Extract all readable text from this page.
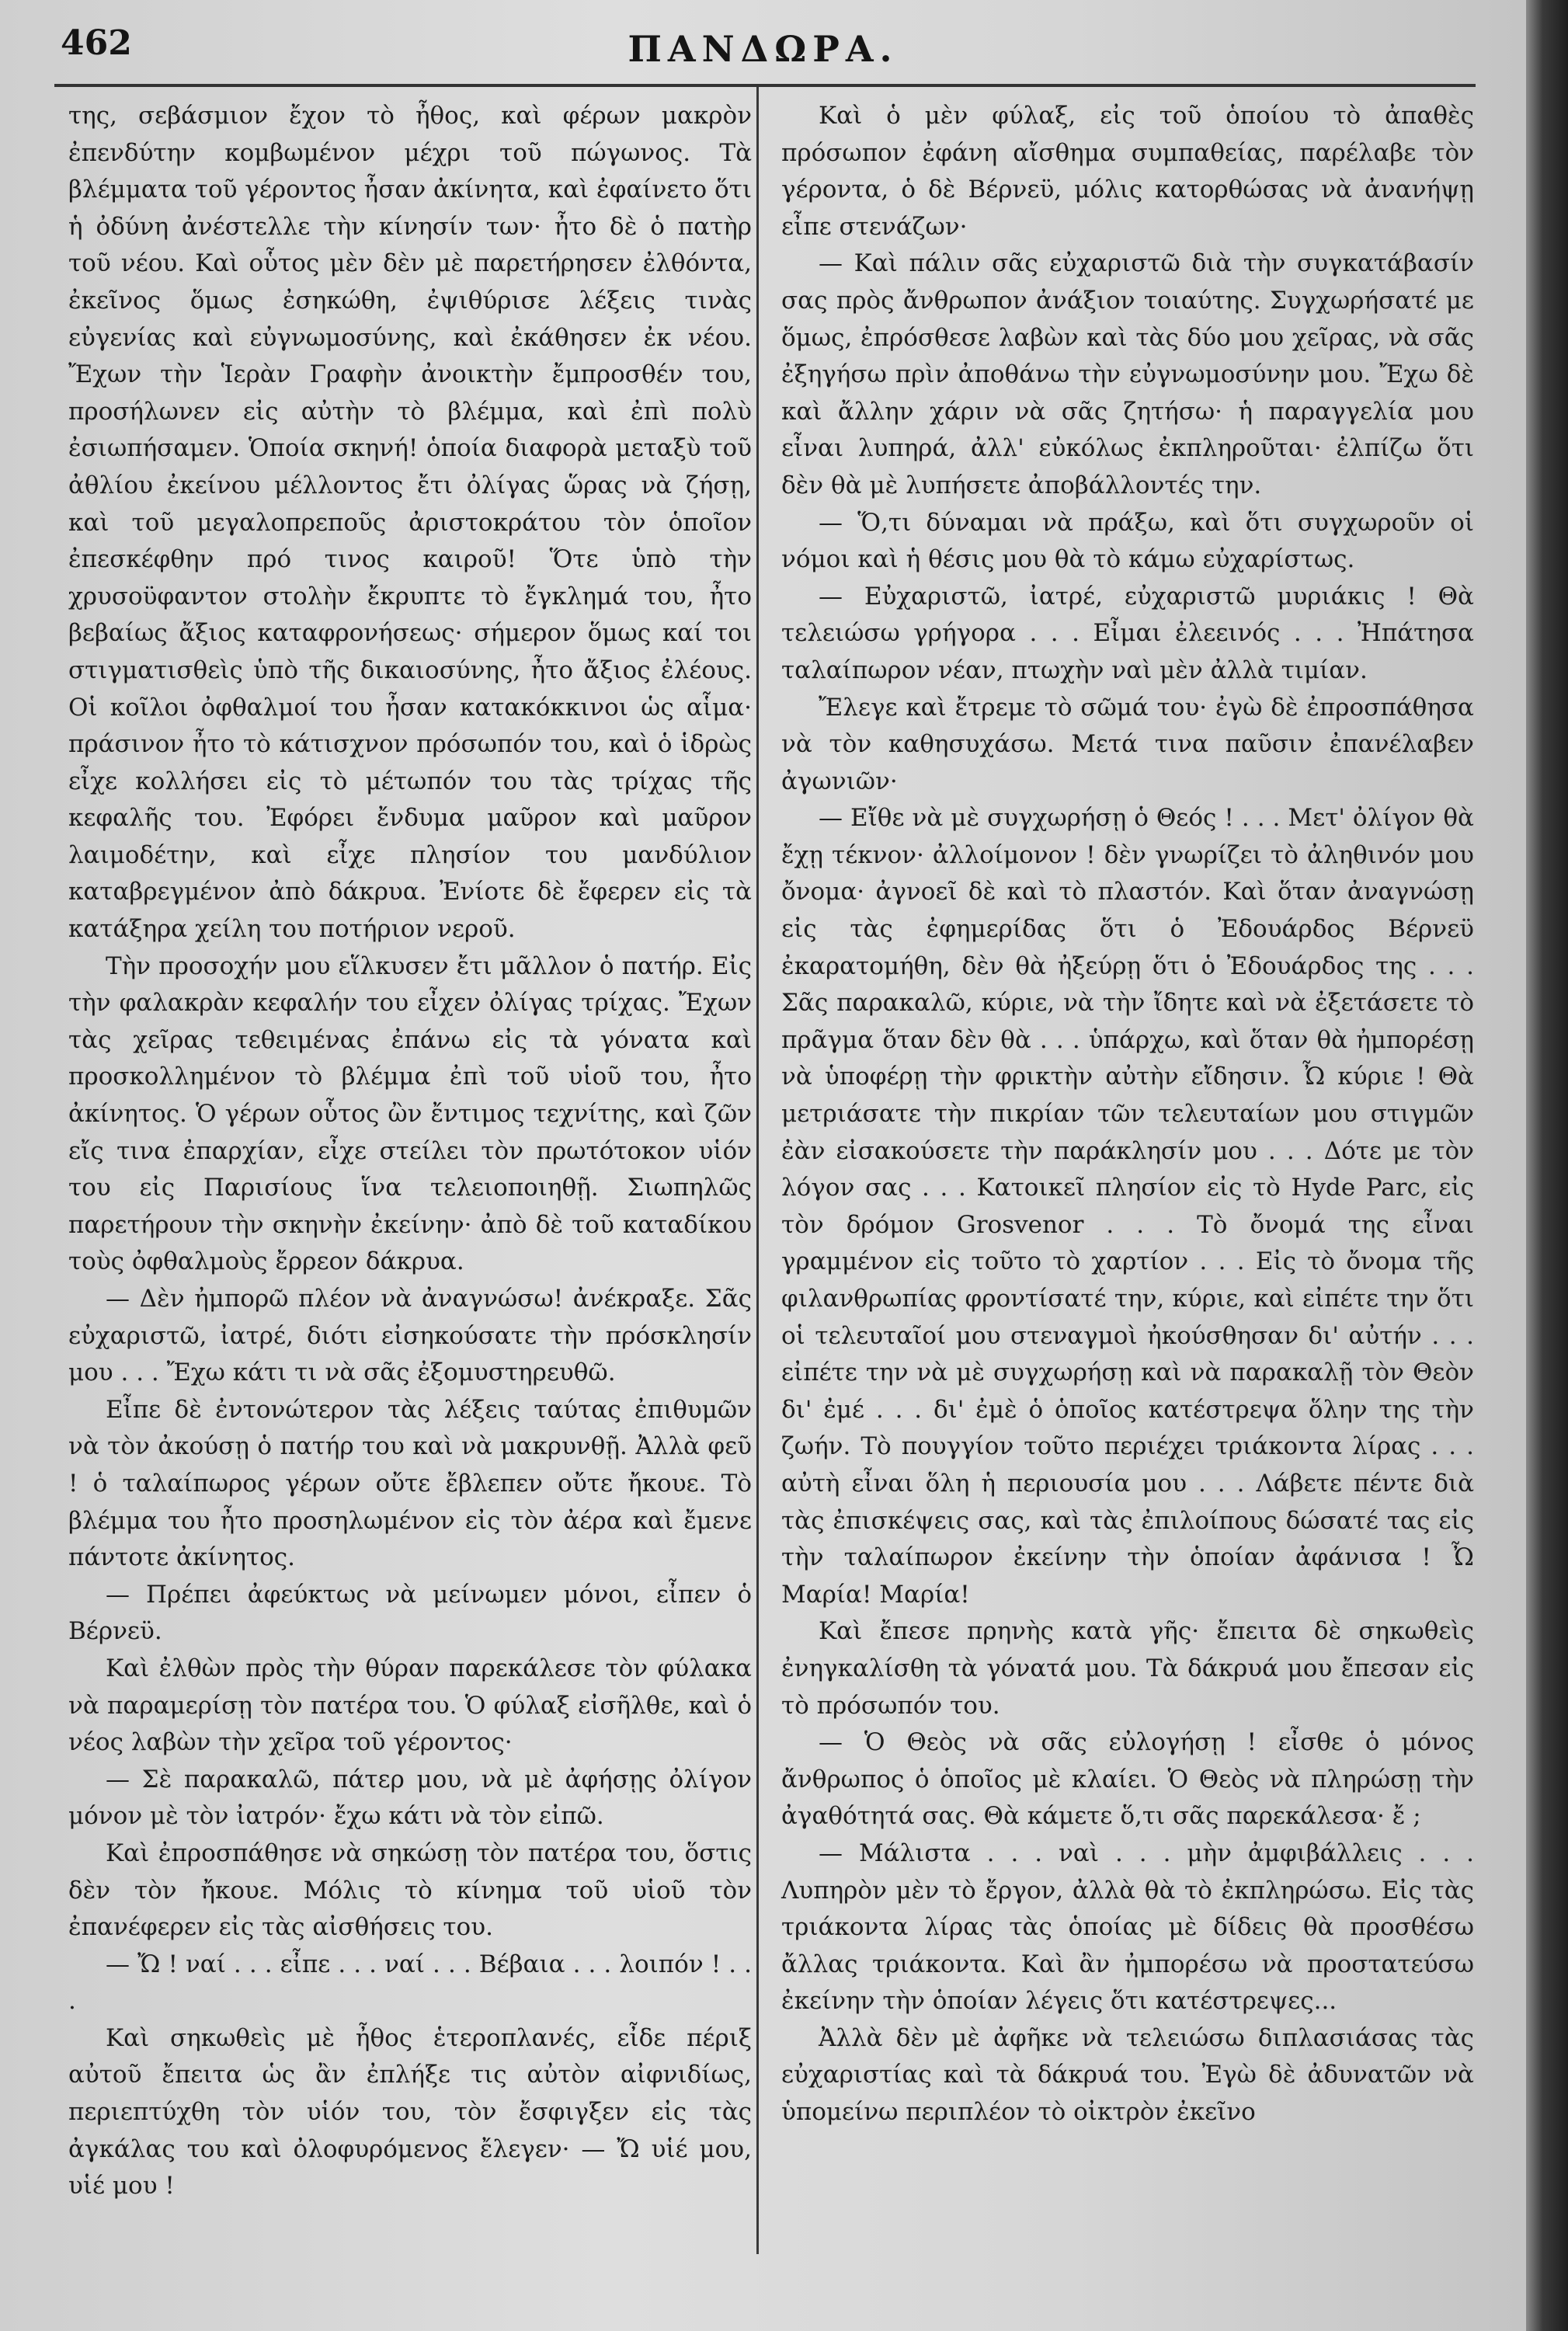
462	ΠΑΝΔΩΡΑ.

της, σεβάσμιον ἔχον τὸ ἦθος, καὶ φέρων μακρὸν ἐπενδύτην κομβωμένον μέχρι τοῦ πώγωνος. Τὰ βλέμματα τοῦ γέροντος ἦσαν ἀκίνητα, καὶ ἐφαίνετο ὅτι ἡ ὀδύνη ἀνέστελλε τὴν κίνησίν των· ἦτο δὲ ὁ πατὴρ τοῦ νέου. Καὶ οὗτος μὲν δὲν μὲ παρετήρησεν ἐλθόντα, ἐκεῖνος ὅμως ἐσηκώθη, ἐψιθύρισε λέξεις τινὰς εὐγενίας καὶ εὐγνωμοσύνης, καὶ ἐκάθησεν ἐκ νέου. Ἔχων τὴν Ἱερὰν Γραφὴν ἀνοικτὴν ἔμπροσθέν του, προσήλωνεν εἰς αὐτὴν τὸ βλέμμα, καὶ ἐπὶ πολὺ ἐσιωπήσαμεν. Ὁποία σκηνή! ὁποία διαφορὰ μεταξὺ τοῦ ἀθλίου ἐκείνου μέλλοντος ἔτι ὀλίγας ὥρας νὰ ζήσῃ, καὶ τοῦ μεγαλοπρεποῦς ἀριστοκράτου τὸν ὁποῖον ἐπεσκέφθην πρό τινος καιροῦ! Ὅτε ὑπὸ τὴν χρυσοϋφαντον στολὴν ἔκρυπτε τὸ ἔγκλημά του, ἦτο βεβαίως ἄξιος καταφρονήσεως· σήμερον ὅμως καί τοι στιγματισθεὶς ὑπὸ τῆς δικαιοσύνης, ἦτο ἄξιος ἐλέους. Οἱ κοῖλοι ὀφθαλμοί του ἦσαν κατακόκκινοι ὡς αἷμα· πράσινον ἦτο τὸ κάτισχνον πρόσωπόν του, καὶ ὁ ἱδρὼς εἶχε κολλήσει εἰς τὸ μέτωπόν του τὰς τρίχας τῆς κεφαλῆς του. Ἐφόρει ἔνδυμα μαῦρον καὶ μαῦρον λαιμοδέτην, καὶ εἶχε πλησίον του μανδύλιον καταβρεγμένον ἀπὸ δάκρυα. Ἐνίοτε δὲ ἔφερεν εἰς τὰ κατάξηρα χείλη του ποτήριον νεροῦ.

Τὴν προσοχήν μου εἵλκυσεν ἔτι μᾶλλον ὁ πατήρ. Εἰς τὴν φαλακρὰν κεφαλήν του εἶχεν ὀλίγας τρίχας. Ἔχων τὰς χεῖρας τεθειμένας ἐπάνω εἰς τὰ γόνατα καὶ προσκολλημένον τὸ βλέμμα ἐπὶ τοῦ υἱοῦ του, ἦτο ἀκίνητος. Ὁ γέρων οὗτος ὢν ἔντιμος τεχνίτης, καὶ ζῶν εἴς τινα ἐπαρχίαν, εἶχε στείλει τὸν πρωτότοκον υἱόν του εἰς Παρισίους ἵνα τελειοποιηθῇ. Σιωπηλῶς παρετήρουν τὴν σκηνὴν ἐκείνην· ἀπὸ δὲ τοῦ καταδίκου τοὺς ὀφθαλμοὺς ἔρρεον δάκρυα.

— Δὲν ἠμπορῶ πλέον νὰ ἀναγνώσω! ἀνέκραξε. Σᾶς εὐχαριστῶ, ἰατρέ, διότι εἰσηκούσατε τὴν πρόσκλησίν μου . . . Ἔχω κάτι τι νὰ σᾶς ἐξομυστηρευθῶ.

Εἶπε δὲ ἐντονώτερον τὰς λέξεις ταύτας ἐπιθυμῶν νὰ τὸν ἀκούσῃ ὁ πατήρ του καὶ νὰ μακρυνθῇ. Ἀλλὰ φεῦ ! ὁ ταλαίπωρος γέρων οὔτε ἔβλεπεν οὔτε ἤκουε. Τὸ βλέμμα του ἦτο προσηλωμένον εἰς τὸν ἀέρα καὶ ἔμενε πάντοτε ἀκίνητος.

— Πρέπει ἀφεύκτως νὰ μείνωμεν μόνοι, εἶπεν ὁ Βέρνεϋ.

Καὶ ἐλθὼν πρὸς τὴν θύραν παρεκάλεσε τὸν φύλακα νὰ παραμερίσῃ τὸν πατέρα του. Ὁ φύλαξ εἰσῆλθε, καὶ ὁ νέος λαβὼν τὴν χεῖρα τοῦ γέροντος·

— Σὲ παρακαλῶ, πάτερ μου, νὰ μὲ ἀφήσῃς ὀλίγον μόνον μὲ τὸν ἰατρόν· ἔχω κάτι νὰ τὸν εἰπῶ.

Καὶ ἐπροσπάθησε νὰ σηκώσῃ τὸν πατέρα του, ὅστις δὲν τὸν ἤκουε. Μόλις τὸ κίνημα τοῦ υἱοῦ τὸν ἐπανέφερεν εἰς τὰς αἰσθήσεις του.

— Ὤ ! ναί . . . εἶπε . . . ναί . . . Βέβαια . . . λοιπόν ! . . .

Καὶ σηκωθεὶς μὲ ἦθος ἑτεροπλανές, εἶδε πέριξ αὐτοῦ ἔπειτα ὡς ἂν ἐπλήξε τις αὐτὸν αἰφνιδίως, περιεπτύχθη τὸν υἱόν του, τὸν ἔσφιγξεν εἰς τὰς ἀγκάλας του καὶ ὀλοφυρόμενος ἔλεγεν· — Ὤ υἱέ μου, υἱέ μου !

Καὶ ὁ μὲν φύλαξ, εἰς τοῦ ὁποίου τὸ ἀπαθὲς πρόσωπον ἐφάνη αἴσθημα συμπαθείας, παρέλαβε τὸν γέροντα, ὁ δὲ Βέρνεϋ, μόλις κατορθώσας νὰ ἀνανήψῃ εἶπε στενάζων·

— Καὶ πάλιν σᾶς εὐχαριστῶ διὰ τὴν συγκατάβασίν σας πρὸς ἄνθρωπον ἀνάξιον τοιαύτης. Συγχωρήσατέ με ὅμως, ἐπρόσθεσε λαβὼν καὶ τὰς δύο μου χεῖρας, νὰ σᾶς ἐξηγήσω πρὶν ἀποθάνω τὴν εὐγνωμοσύνην μου. Ἔχω δὲ καὶ ἄλλην χάριν νὰ σᾶς ζητήσω· ἡ παραγγελία μου εἶναι λυπηρά, ἀλλ' εὐκόλως ἐκπληροῦται· ἐλπίζω ὅτι δὲν θὰ μὲ λυπήσετε ἀποβάλλοντές την.

— Ὅ,τι δύναμαι νὰ πράξω, καὶ ὅτι συγχωροῦν οἱ νόμοι καὶ ἡ θέσις μου θὰ τὸ κάμω εὐχαρίστως.

— Εὐχαριστῶ, ἰατρέ, εὐχαριστῶ μυριάκις ! Θὰ τελειώσω γρήγορα . . . Εἶμαι ἐλεεινός . . . Ἠπάτησα ταλαίπωρον νέαν, πτωχὴν ναὶ μὲν ἀλλὰ τιμίαν.

Ἔλεγε καὶ ἔτρεμε τὸ σῶμά του· ἐγὼ δὲ ἐπροσπάθησα νὰ τὸν καθησυχάσω. Μετά τινα παῦσιν ἐπανέλαβεν ἀγωνιῶν·

— Εἴθε νὰ μὲ συγχωρήσῃ ὁ Θεός ! . . . Μετ' ὀλίγον θὰ ἔχῃ τέκνον· ἀλλοίμονον ! δὲν γνωρίζει τὸ ἀληθινόν μου ὄνομα· ἀγνοεῖ δὲ καὶ τὸ πλαστόν. Καὶ ὅταν ἀναγνώσῃ εἰς τὰς ἐφημερίδας ὅτι ὁ Ἐδουάρδος Βέρνεϋ ἐκαρατομήθη, δὲν θὰ ἠξεύρῃ ὅτι ὁ Ἐδουάρδος της . . . Σᾶς παρακαλῶ, κύριε, νὰ τὴν ἴδητε καὶ νὰ ἐξετάσετε τὸ πρᾶγμα ὅταν δὲν θὰ . . . ὑπάρχω, καὶ ὅταν θὰ ἠμπορέσῃ νὰ ὑποφέρῃ τὴν φρικτὴν αὐτὴν εἴδησιν. Ὦ κύριε ! Θὰ μετριάσατε τὴν πικρίαν τῶν τελευταίων μου στιγμῶν ἐὰν εἰσακούσετε τὴν παράκλησίν μου . . . Δότε με τὸν λόγον σας . . . Κατοικεῖ πλησίον εἰς τὸ Hyde Parc, εἰς τὸν δρόμον Grosvenor . . . Τὸ ὄνομά της εἶναι γραμμένον εἰς τοῦτο τὸ χαρτίον . . . Εἰς τὸ ὄνομα τῆς φιλανθρωπίας φροντίσατέ την, κύριε, καὶ εἰπέτε την ὅτι οἱ τελευταῖοί μου στεναγμοὶ ἠκούσθησαν δι' αὐτήν . . . εἰπέτε την νὰ μὲ συγχωρήσῃ καὶ νὰ παρακαλῇ τὸν Θεὸν δι' ἐμέ . . . δι' ἐμὲ ὁ ὁποῖος κατέστρεψα ὅλην της τὴν ζωήν. Τὸ πουγγίον τοῦτο περιέχει τριάκοντα λίρας . . . αὐτὴ εἶναι ὅλη ἡ περιουσία μου . . . Λάβετε πέντε διὰ τὰς ἐπισκέψεις σας, καὶ τὰς ἐπιλοίπους δώσατέ τας εἰς τὴν ταλαίπωρον ἐκείνην τὴν ὁποίαν ἀφάνισα ! Ὦ Μαρία! Μαρία!

Καὶ ἔπεσε πρηνὴς κατὰ γῆς· ἔπειτα δὲ σηκωθεὶς ἐνηγκαλίσθη τὰ γόνατά μου. Τὰ δάκρυά μου ἔπεσαν εἰς τὸ πρόσωπόν του.

— Ὁ Θεὸς νὰ σᾶς εὐλογήσῃ ! εἶσθε ὁ μόνος ἄνθρωπος ὁ ὁποῖος μὲ κλαίει. Ὁ Θεὸς νὰ πληρώσῃ τὴν ἀγαθότητά σας. Θὰ κάμετε ὅ,τι σᾶς παρεκάλεσα· ἔ ;

— Μάλιστα . . . ναὶ . . . μὴν ἀμφιβάλλεις . . . Λυπηρὸν μὲν τὸ ἔργον, ἀλλὰ θὰ τὸ ἐκπληρώσω. Εἰς τὰς τριάκοντα λίρας τὰς ὁποίας μὲ δίδεις θὰ προσθέσω ἄλλας τριάκοντα. Καὶ ἂν ἠμπορέσω νὰ προστατεύσω ἐκείνην τὴν ὁποίαν λέγεις ὅτι κατέστρεψες...

Ἀλλὰ δὲν μὲ ἀφῆκε νὰ τελειώσω διπλασιάσας τὰς εὐχαριστίας καὶ τὰ δάκρυά του. Ἐγὼ δὲ ἀδυνατῶν νὰ ὑπομείνω περιπλέον τὸ οἰκτρὸν ἐκεῖνο
